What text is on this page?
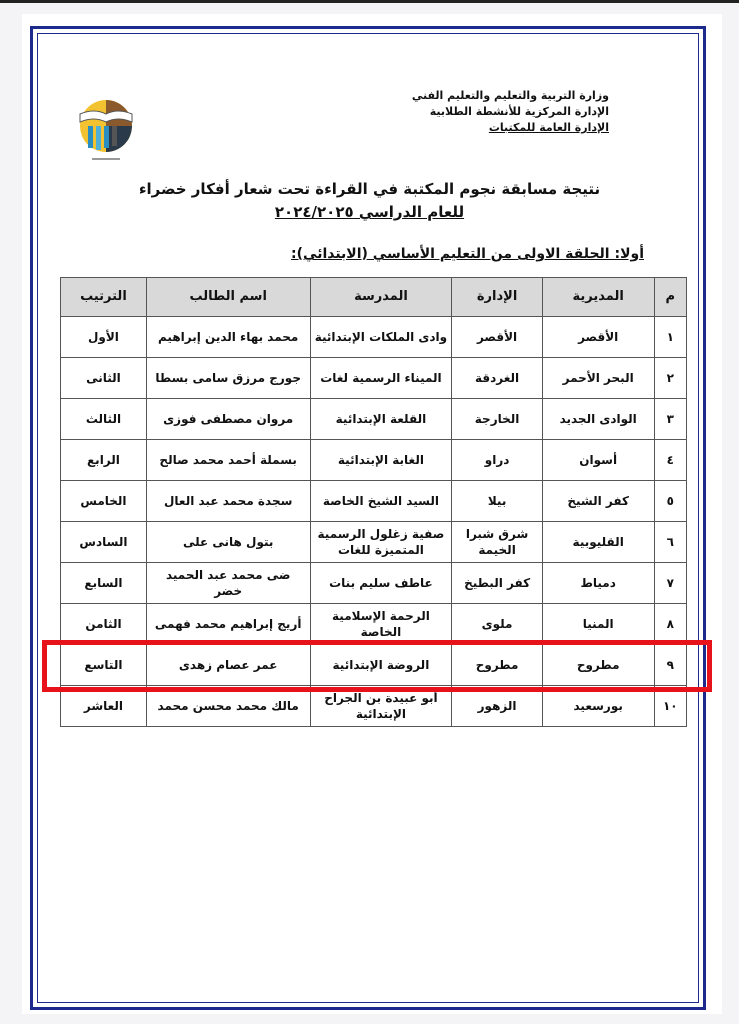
وزارة التربية والتعليم والتعليم الفني
الإدارة المركزية للأنشطة الطلابية
الإدارة العامة للمكتبات
نتيجة مسابقة نجوم المكتبة في القراءة تحت شعار أفكار خضراء
للعام الدراسي ٢٠٢٤/٢٠٢٥
أولا: الحلقة الاولى من التعليم الأساسي (الابتدائي):
م	المديرية	الإدارة	المدرسة	اسم الطالب	الترتيب
١	الأقصر	الأقصر	وادى الملكات الإبتدائية	محمد بهاء الدين إبراهيم	الأول
٢	البحر الأحمر	الغردقة	الميناء الرسمية لغات	جورج مرزق سامى بسطا	الثانى
٣	الوادى الجديد	الخارجة	القلعة الإبتدائية	مروان مصطفى فوزى	الثالث
٤	أسوان	دراو	الغابة الإبتدائية	بسملة أحمد محمد صالح	الرابع
٥	كفر الشيخ	بيلا	السيد الشيخ الخاصة	سجدة محمد عبد العال	الخامس
٦	القليوبية	شرق شبرا الخيمة	صفية زغلول الرسمية المتميزة للغات	بتول هانى على	السادس
٧	دمياط	كفر البطيخ	عاطف سليم بنات	ضى محمد عبد الحميد خضر	السابع
٨	المنيا	ملوى	الرحمة الإسلامية الخاصة	أريج إبراهيم محمد فهمى	الثامن
٩	مطروح	مطروح	الروضة الإبتدائية	عمر عصام زهدى	التاسع
١٠	بورسعيد	الزهور	أبو عبيدة بن الجراح الإبتدائية	مالك محمد محسن محمد	العاشر
